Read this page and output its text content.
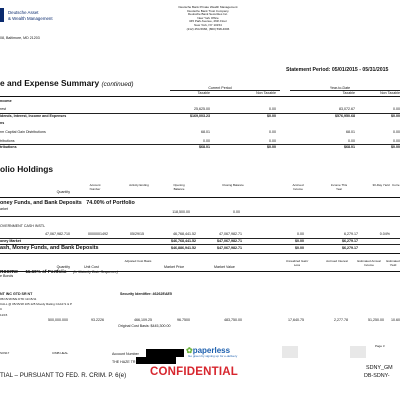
Deutsche Asset
& Wealth Management
08, Baltimore, MD 21203
Deutsche Bank Private Wealth Management
Deutsche Bank Trust Company
Deutsche Bank Securities Inc.
New York Office
345 Park Avenue, 26th Floor
New York, NY 10154
(212) 454-5966, (800) 598-4606
Statement Period: 05/01/2015 - 05/31/2015
e and Expense Summary (continued)	Current Period	Year-to-Date
Taxable	Non Taxable	Taxable	Non Taxable
ncome
rest	25,625.00	0.00	83,072.67	0.00
idends, Interest, Income and Expenses	$169,003.23	$0.00	$576,950.68	$0.00
ns
rm Capital Gain Distributions	68.01	0.00	68.01	0.00
tributions	0.00	0.00	0.00	0.00
tributions	$68.01	$0.00	$68.01	$0.00
olio Holdings
Quantity
Account Number
Activity Ending	Opening Balance
Closing Balance	Accrued Income
Income This Year
30-Day Yield Curre
oney Funds, and Bank Deposits 74.00% of Portfolio
arket
118,500.00	0.00
OVERNMENT CASH INSTL
47,067,982.710	0000001492	05/29/15	46,768,441.52	47,067,982.71	0.00	6,279.17	0.04%
oney Market	$46,768,441.52	$47,067,982.71	$0.00	$6,279.17
ash, Money Funds, and Bank Deposits	$46,886,941.52	$47,067,982.71	$0.00	$6,279.17
ncome 11.60% of Portfolio (In Maturity Date Sequence)
Quantity	Unit Cost
Adjusted Cost Basis
Market Price	Market Value
Unrealized Gain/ Loss
Accrued Interest	Estimated Annual Income
Estimated Yield
e Bonds
NT INC GTD SR NT	Security Identifier: 46262EAE5
05/15/18 B/E DTD 11/15/11
CALL @ 05/15/18 105.125 Moody Rating CAA3 S & P
C
11/15
500,000.000	93.2226	466,109.25	96.7500	483,750.00	17,640.75	2,277.78	51,250.00	10.60
Original Cost Basis: $445,300.00
SO917	CIMB HEAL	Account Number
THE HAZE TR
Page 3
✿paperless
Go green by signing up for e-delivery
TIAL – PURSUANT TO FED. R. CRIM. P. 6(e) CONFIDENTIAL	SDNY_GM
DB-SDNY-
